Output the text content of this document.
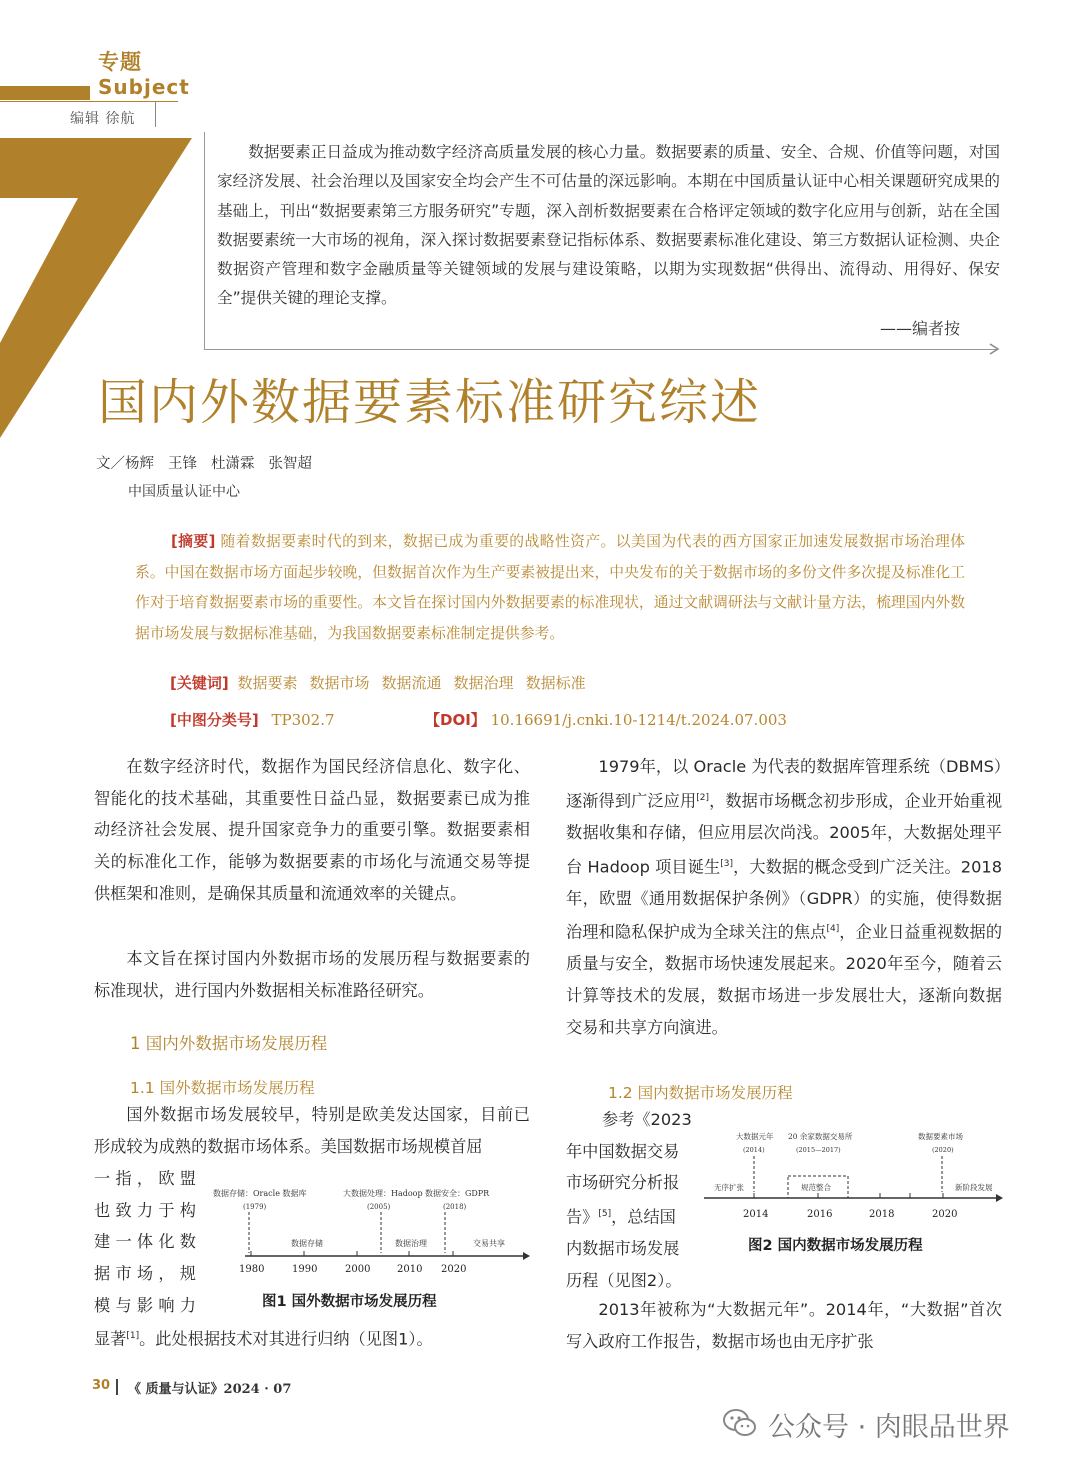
专题
Subject
编辑 徐航

数据要素正日益成为推动数字经济高质量发展的核心力量。数据要素的质量、安全、合规、价值等问题，对国家经济发展、社会治理以及国家安全均会产生不可估量的深远影响。本期在中国质量认证中心相关课题研究成果的基础上，刊出“数据要素第三方服务研究”专题，深入剖析数据要素在合格评定领域的数字化应用与创新，站在全国数据要素统一大市场的视角，深入探讨数据要素登记指标体系、数据要素标准化建设、第三方数据认证检测、央企数据资产管理和数字金融质量等关键领域的发展与建设策略，以期为实现数据“供得出、流得动、用得好、保安全”提供关键的理论支撑。

——编者按
国内外数据要素标准研究综述
文／杨辉 王锋 杜潇霖 张智超
中国质量认证中心

[摘要] 随着数据要素时代的到来，数据已成为重要的战略性资产。以美国为代表的西方国家正加速发展数据市场治理体系。中国在数据市场方面起步较晚，但数据首次作为生产要素被提出来，中央发布的关于数据市场的多份文件多次提及标准化工作对于培育数据要素市场的重要性。本文旨在探讨国内外数据要素的标准现状，通过文献调研法与文献计量方法，梳理国内外数据市场发展与数据标准基础，为我国数据要素标准制定提供参考。

[关键词] 数据要素 数据市场 数据流通 数据治理 数据标准
[中图分类号] TP302.7	【DOI】 10.16691/j.cnki.10-1214/t.2024.07.003

在数字经济时代，数据作为国民经济信息化、数字化、智能化的技术基础，其重要性日益凸显，数据要素已成为推动经济社会发展、提升国家竞争力的重要引擎。数据要素相关的标准化工作，能够为数据要素的市场化与流通交易等提供框架和准则，是确保其质量和流通效率的关键点。

本文旨在探讨国内外数据市场的发展历程与数据要素的标准现状，进行国内外数据相关标准路径研究。

1 国内外数据市场发展历程
1.1 国外数据市场发展历程

国外数据市场发展较早，特别是欧美发达国家，目前已形成较为成熟的数据市场体系。美国数据市场规模首屈

一指，欧盟
也致力于构
建一体化数
据市场，规
模与影响力
显著[1]。此处根据技术对其进行归纳（见图1）。
数据存储：Oracle 数据库
(1979)
大数据处理：Hadoop
(2005)
数据安全：GDPR
(2018)
数据存储	数据治理	交易共享
1980	1990	2000	2010 2020
图1 国外数据市场发展历程

1979年，以 Oracle 为代表的数据库管理系统（DBMS）逐渐得到广泛应用[2]，数据市场概念初步形成，企业开始重视数据收集和存储，但应用层次尚浅。2005年，大数据处理平台 Hadoop 项目诞生[3]，大数据的概念受到广泛关注。2018年，欧盟《通用数据保护条例》（GDPR）的实施，使得数据治理和隐私保护成为全球关注的焦点[4]，企业日益重视数据的质量与安全，数据市场快速发展起来。2020年至今，随着云计算等技术的发展，数据市场进一步发展壮大，逐渐向数据交易和共享方向演进。

1.2 国内数据市场发展历程
参考《2023
年中国数据交易
市场研究分析报
告》[5]，总结国
内数据市场发展
历程（见图2）。
大数据元年
(2014)
20 余家数据交易所
(2015—2017)
数据要素市场
(2020)
无序扩张	规范整合	新阶段发展
2014	2016	2018	2020
图2 国内数据市场发展历程

2013年被称为“大数据元年”。2014年，“大数据”首次写入政府工作报告，数据市场也由无序扩张

30 《 质量与认证》2024 · 07
公众号 · 肉眼品世界
